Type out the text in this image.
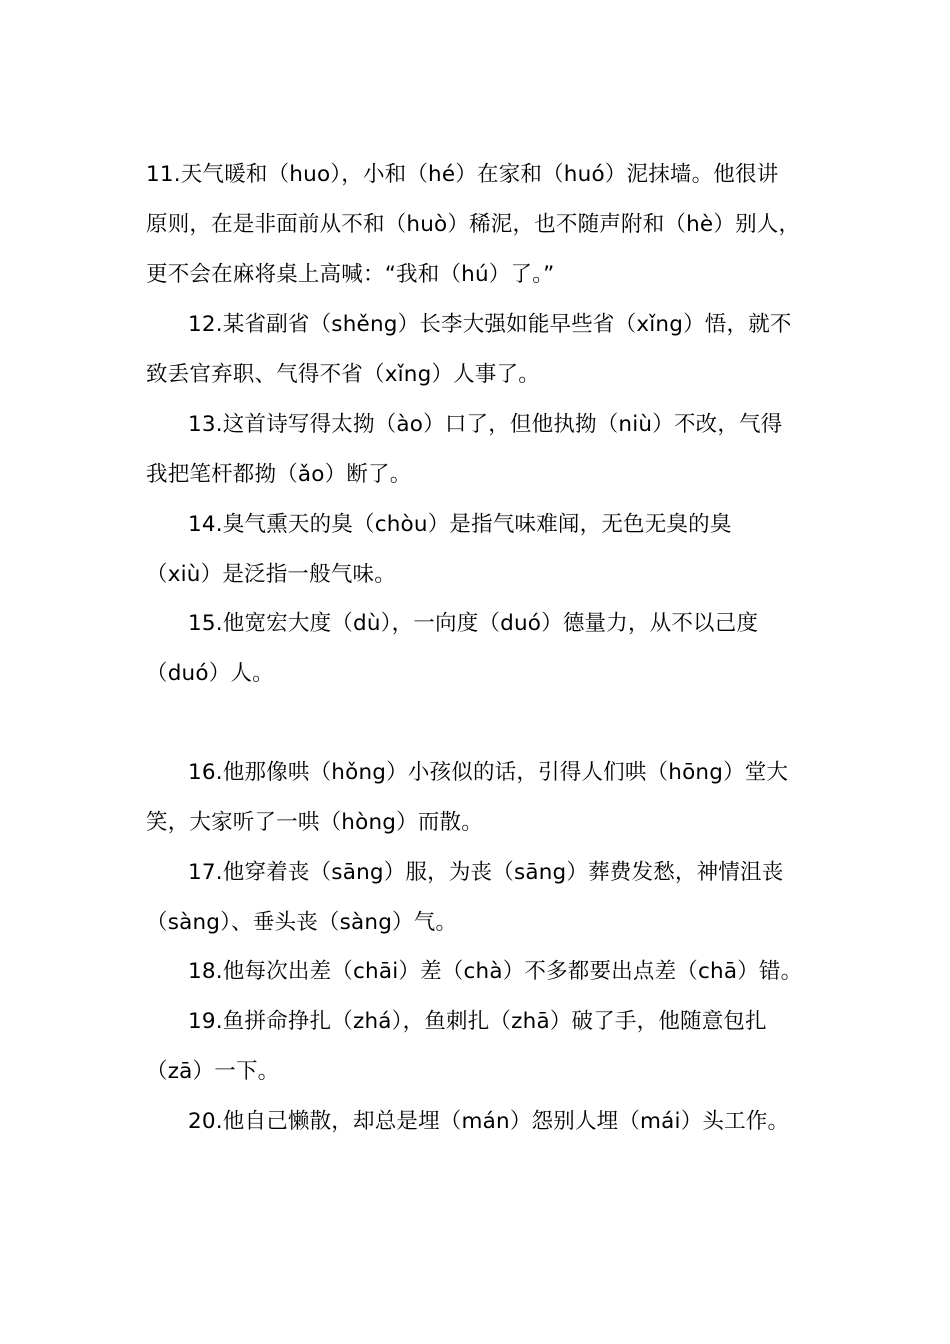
11.天气暖和（huo），小和（hé）在家和（huó）泥抹墙。他很讲
原则，在是非面前从不和（huò）稀泥，也不随声附和（hè）别人，
更不会在麻将桌上高喊：“我和（hú）了。”
12.某省副省（shěng）长李大强如能早些省（xǐng）悟，就不
致丢官弃职、气得不省（xǐng）人事了。
13.这首诗写得太拗（ào）口了，但他执拗（niù）不改，气得
我把笔杆都拗（ǎo）断了。
14.臭气熏天的臭（chòu）是指气味难闻，无色无臭的臭
（xiù）是泛指一般气味。
15.他宽宏大度（dù），一向度（duó）德量力，从不以己度
（duó）人。
16.他那像哄（hǒng）小孩似的话，引得人们哄（hōng）堂大
笑，大家听了一哄（hòng）而散。
17.他穿着丧（sāng）服，为丧（sāng）葬费发愁，神情沮丧
（sàng）、垂头丧（sàng）气。
18.他每次出差（chāi）差（chà）不多都要出点差（chā）错。
19.鱼拼命挣扎（zhá），鱼刺扎（zhā）破了手，他随意包扎
（zā）一下。
20.他自己懒散，却总是埋（mán）怨别人埋（mái）头工作。
